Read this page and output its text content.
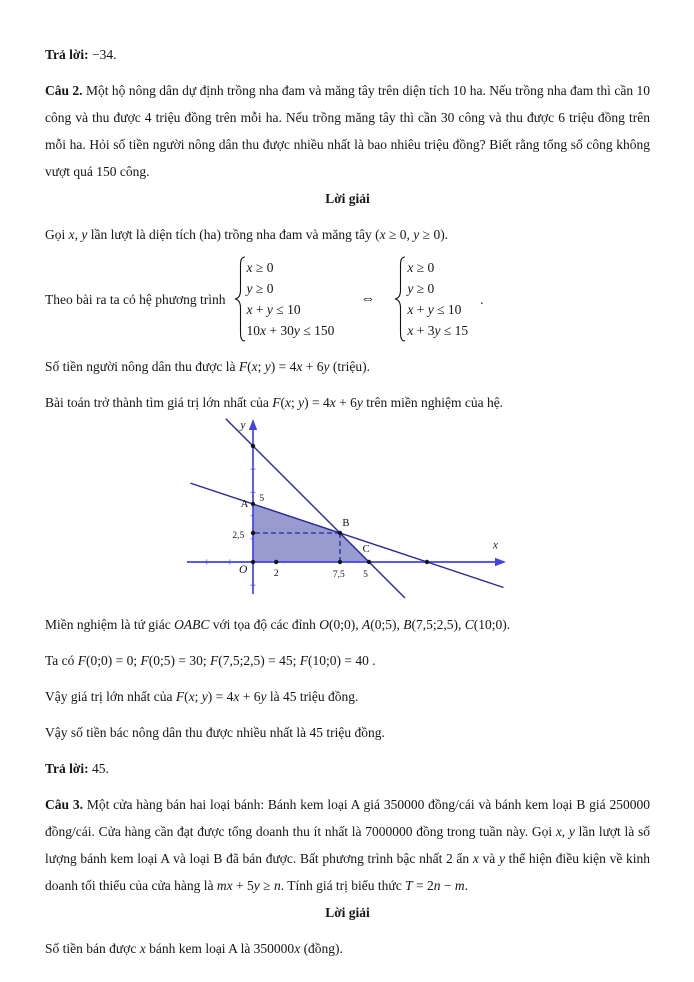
Trả lời: −34.

Câu 2. Một hộ nông dân dự định trồng nha đam và măng tây trên diện tích 10 ha. Nếu trồng nha đam thì cần 10 công và thu được 4 triệu đồng trên mỗi ha. Nếu trồng măng tây thì cần 30 công và thu được 6 triệu đồng trên mỗi ha. Hỏi số tiền người nông dân thu được nhiều nhất là bao nhiêu triệu đồng? Biết rằng tổng số công không vượt quá 150 công.

Lời giải

Gọi x, y lần lượt là diện tích (ha) trồng nha đam và măng tây (x ≥ 0, y ≥ 0).

Theo bài ra ta có hệ phương trình
x ≥ 0
y ≥ 0
x + y ≤ 10
10x + 30y ≤ 150
⇔
x ≥ 0
y ≥ 0
x + y ≤ 10
x + 3y ≤ 15
.

Số tiền người nông dân thu được là F(x; y) = 4x + 6y (triệu).

Bài toán trở thành tìm giá trị lớn nhất của F(x; y) = 4x + 6y trên miền nghiệm của hệ.

y
x
O
A
B
C
5
2,5
2	7,5 5

Miền nghiệm là tứ giác OABC với tọa độ các đỉnh O(0;0), A(0;5), B(7,5;2,5), C(10;0).

Ta có F(0;0) = 0; F(0;5) = 30; F(7,5;2,5) = 45; F(10;0) = 40 .

Vậy giá trị lớn nhất của F(x; y) = 4x + 6y là 45 triệu đồng.

Vậy số tiền bác nông dân thu được nhiều nhất là 45 triệu đồng.

Trả lời: 45.

Câu 3. Một cửa hàng bán hai loại bánh: Bánh kem loại A giá 350000 đồng/cái và bánh kem loại B giá 250000 đồng/cái. Cửa hàng cần đạt được tổng doanh thu ít nhất là 7000000 đồng trong tuần này. Gọi x, y lần lượt là số lượng bánh kem loại A và loại B đã bán được. Bất phương trình bậc nhất 2 ẩn x và y thể hiện điều kiện về kinh doanh tối thiểu của cửa hàng là mx + 5y ≥ n. Tính giá trị biểu thức T = 2n − m.

Lời giải

Số tiền bán được x bánh kem loại A là 350000x (đồng).
